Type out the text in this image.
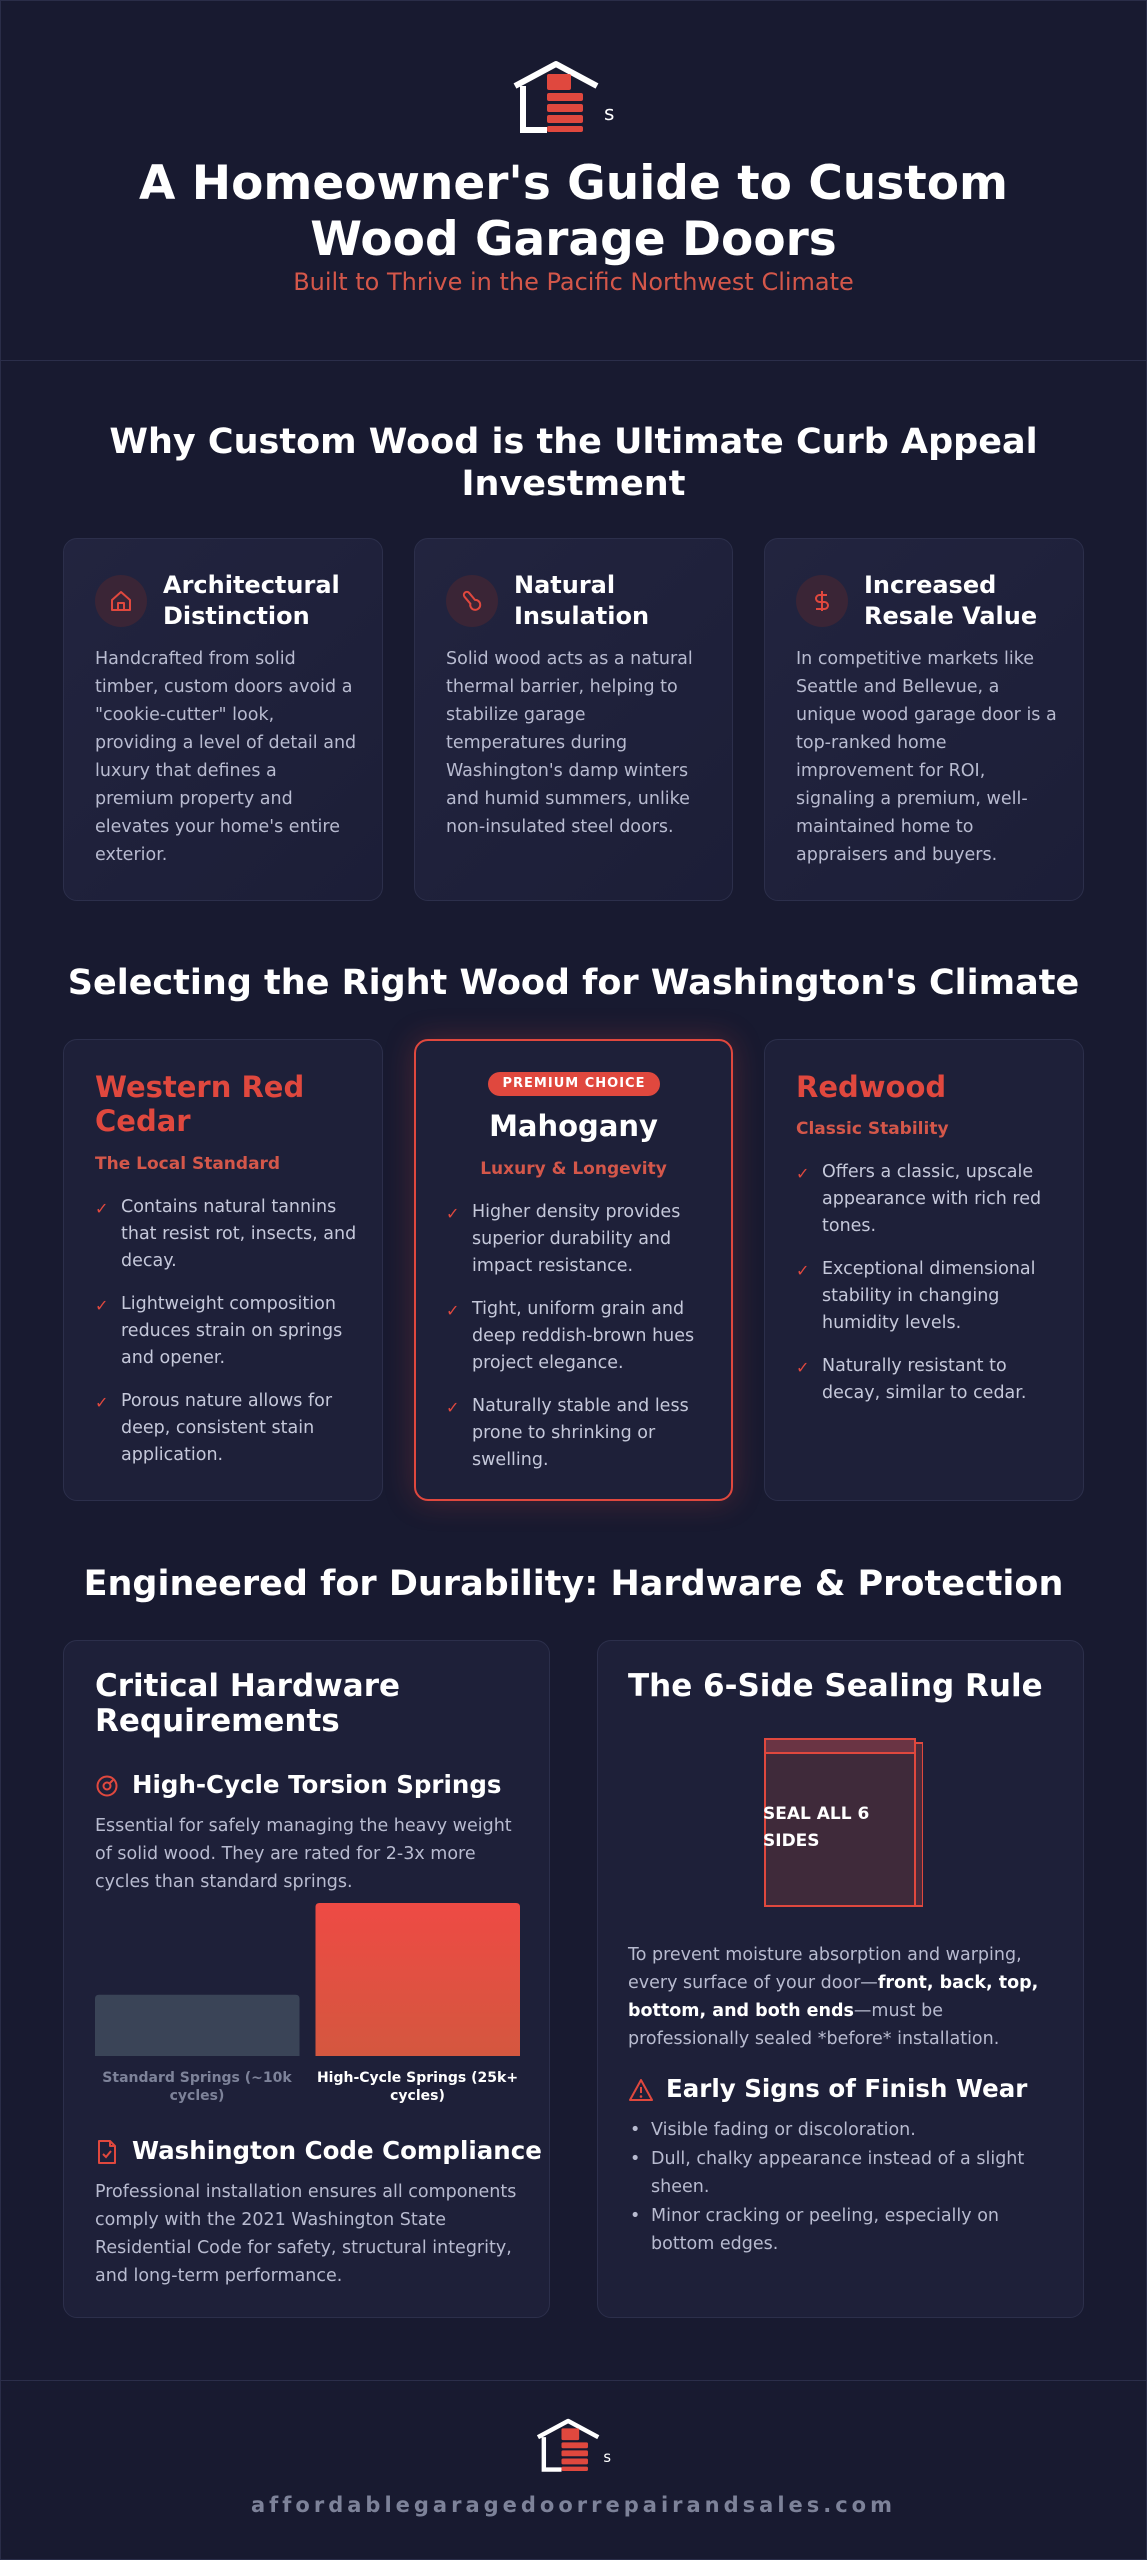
s
A Homeowner's Guide to Custom Wood Garage Doors
Built to Thrive in the Pacific Northwest Climate
Why Custom Wood is the Ultimate Curb Appeal Investment
Architectural Distinction
Handcrafted from solid timber, custom doors avoid a "cookie-cutter" look, providing a level of detail and luxury that defines a premium property and elevates your home's entire exterior.
Natural Insulation
Solid wood acts as a natural thermal barrier, helping to stabilize garage temperatures during Washington's damp winters and humid summers, unlike non-insulated steel doors.
Increased Resale Value
In competitive markets like Seattle and Bellevue, a unique wood garage door is a top-ranked home improvement for ROI, signaling a premium, well-maintained home to appraisers and buyers.
Selecting the Right Wood for Washington's Climate
Western Red Cedar
The Local Standard
✓ Contains natural tannins that resist rot, insects, and decay.
✓ Lightweight composition reduces strain on springs and opener.
✓ Porous nature allows for deep, consistent stain application.
PREMIUM CHOICE
Mahogany
Luxury & Longevity
✓ Higher density provides superior durability and impact resistance.
✓ Tight, uniform grain and deep reddish-brown hues project elegance.
✓ Naturally stable and less prone to shrinking or swelling.
Redwood
Classic Stability
✓ Offers a classic, upscale appearance with rich red tones.
✓ Exceptional dimensional stability in changing humidity levels.
✓ Naturally resistant to decay, similar to cedar.
Engineered for Durability: Hardware & Protection
Critical Hardware Requirements
High-Cycle Torsion Springs
Essential for safely managing the heavy weight of solid wood. They are rated for 2-3x more cycles than standard springs.
Standard Springs (~10k cycles)
High-Cycle Springs (25k+ cycles)
Washington Code Compliance
Professional installation ensures all components comply with the 2021 Washington State Residential Code for safety, structural integrity, and long-term performance.
The 6-Side Sealing Rule
SEAL ALL 6 SIDES
To prevent moisture absorption and warping, every surface of your door—front, back, top, bottom, and both ends—must be professionally sealed *before* installation.
Early Signs of Finish Wear
• Visible fading or discoloration.
• Dull, chalky appearance instead of a slight sheen.
• Minor cracking or peeling, especially on bottom edges.
s
affordablegaragedoorrepairandsales.com
